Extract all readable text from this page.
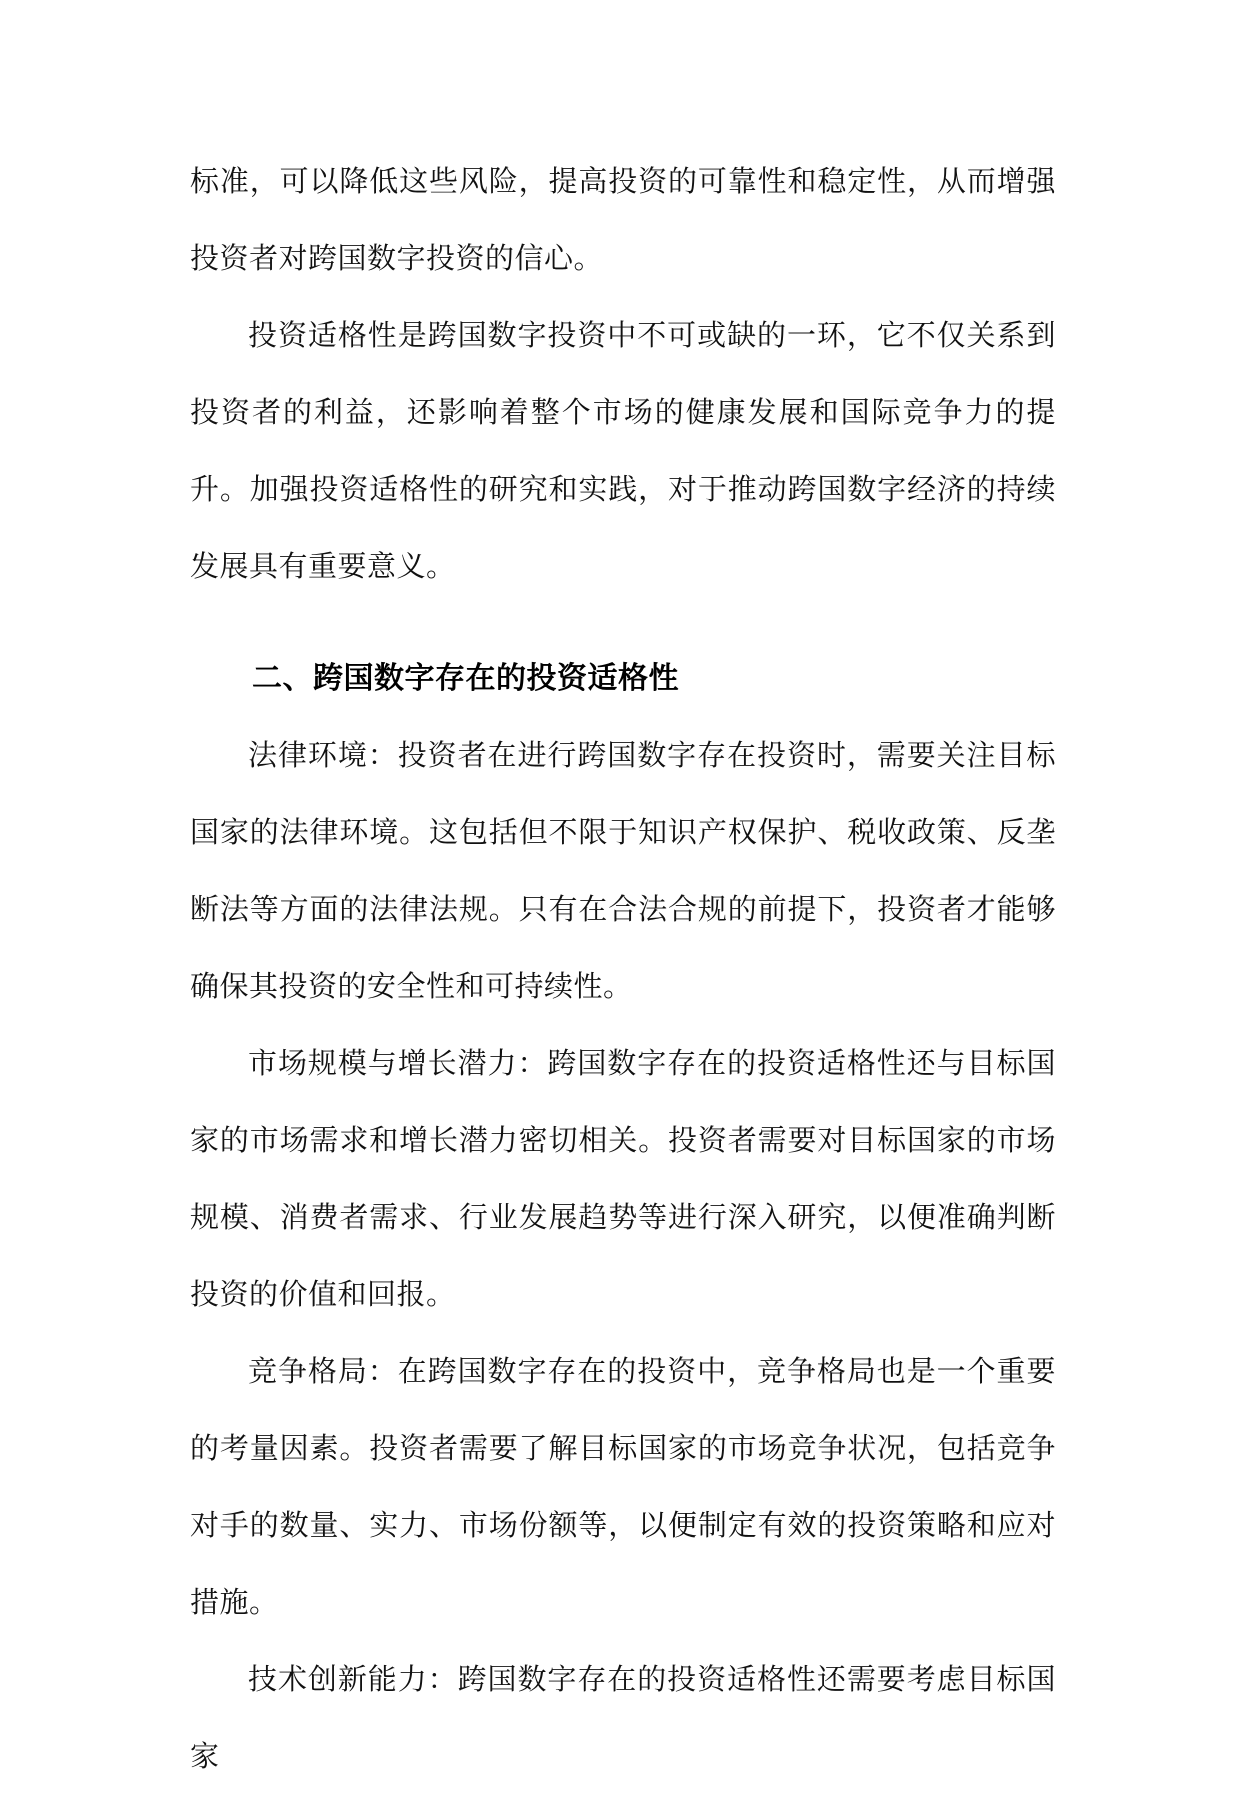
标准，可以降低这些风险，提高投资的可靠性和稳定性，从而增强投资者对跨国数字投资的信心。

投资适格性是跨国数字投资中不可或缺的一环，它不仅关系到投资者的利益，还影响着整个市场的健康发展和国际竞争力的提升。加强投资适格性的研究和实践，对于推动跨国数字经济的持续发展具有重要意义。

二、跨国数字存在的投资适格性

法律环境：投资者在进行跨国数字存在投资时，需要关注目标国家的法律环境。这包括但不限于知识产权保护、税收政策、反垄断法等方面的法律法规。只有在合法合规的前提下，投资者才能够确保其投资的安全性和可持续性。

市场规模与增长潜力：跨国数字存在的投资适格性还与目标国家的市场需求和增长潜力密切相关。投资者需要对目标国家的市场规模、消费者需求、行业发展趋势等进行深入研究，以便准确判断投资的价值和回报。

竞争格局：在跨国数字存在的投资中，竞争格局也是一个重要的考量因素。投资者需要了解目标国家的市场竞争状况，包括竞争对手的数量、实力、市场份额等，以便制定有效的投资策略和应对措施。

技术创新能力：跨国数字存在的投资适格性还需要考虑目标国家
